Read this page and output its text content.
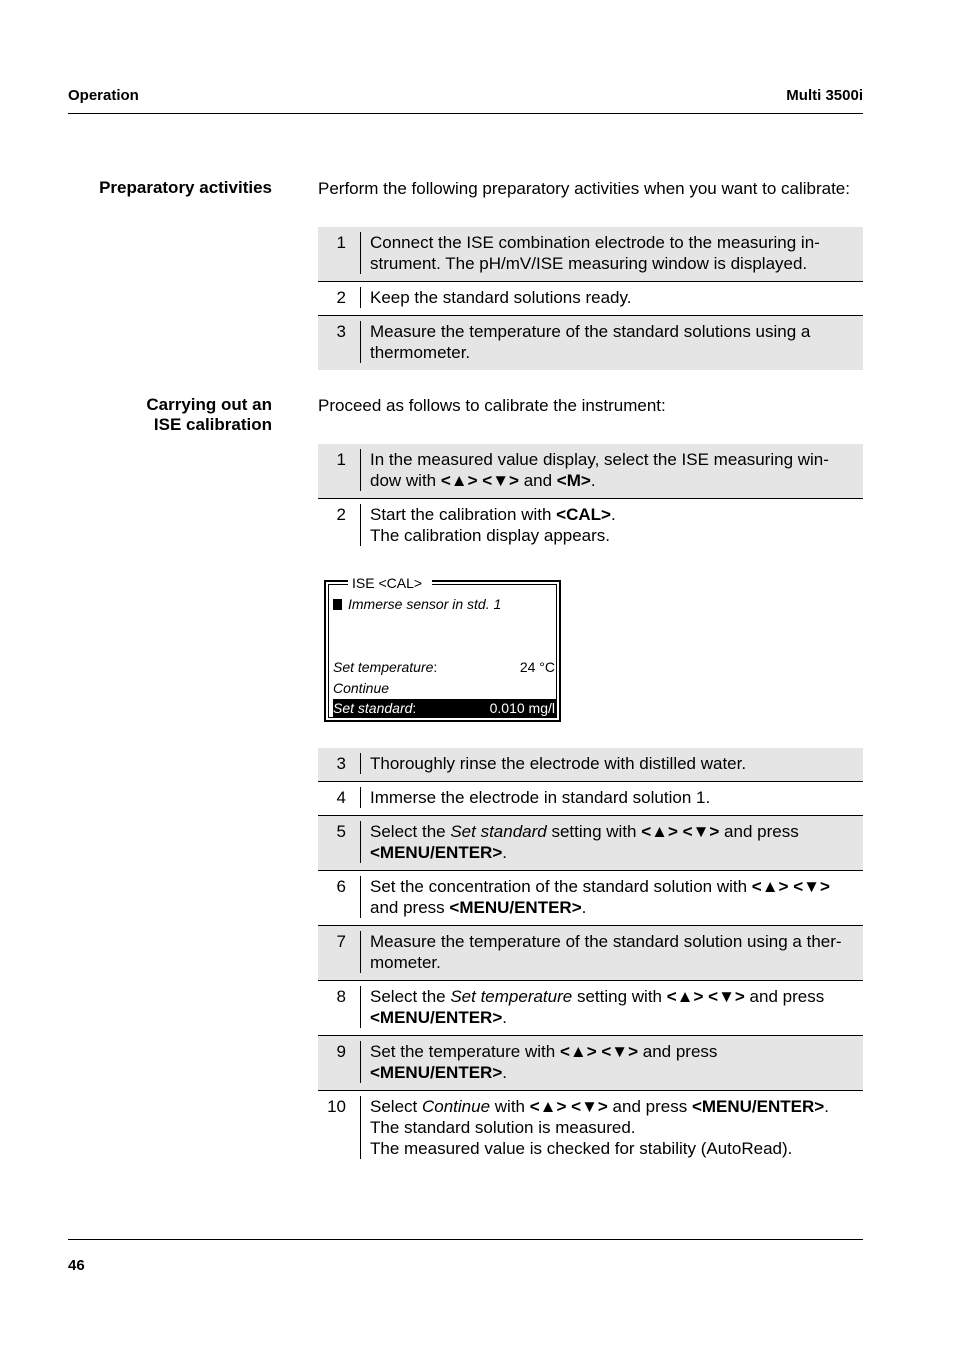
Operation	Multi 3500i
Preparatory activities	Perform the following preparatory activities when you want to calibrate:
1	Connect the ISE combination electrode to the measuring in- strument. The pH/mV/ISE measuring window is displayed.
2	Keep the standard solutions ready.
3	Measure the temperature of the standard solutions using a thermometer.
Carrying out an
ISE calibration
Proceed as follows to calibrate the instrument:
1	In the measured value display, select the ISE measuring win- dow with <▲> <▼> and <M>.
2	Start the calibration with <CAL>.
The calibration display appears.
ISE <CAL>
Immerse sensor in std. 1
Set temperature:	24 °C
Continue
Set standard:	0.010 mg/l
3	Thoroughly rinse the electrode with distilled water.
4	Immerse the electrode in standard solution 1.
5	Select the Set standard setting with <▲> <▼> and press
<MENU/ENTER>.
6	Set the concentration of the standard solution with <▲> <▼>
and press <MENU/ENTER>.
7	Measure the temperature of the standard solution using a ther- mometer.
8	Select the Set temperature setting with <▲> <▼> and press
<MENU/ENTER>.
9	Set the temperature with <▲> <▼> and press
<MENU/ENTER>.
10	Select Continue with <▲> <▼> and press <MENU/ENTER>.
The standard solution is measured.
The measured value is checked for stability (AutoRead).
46
